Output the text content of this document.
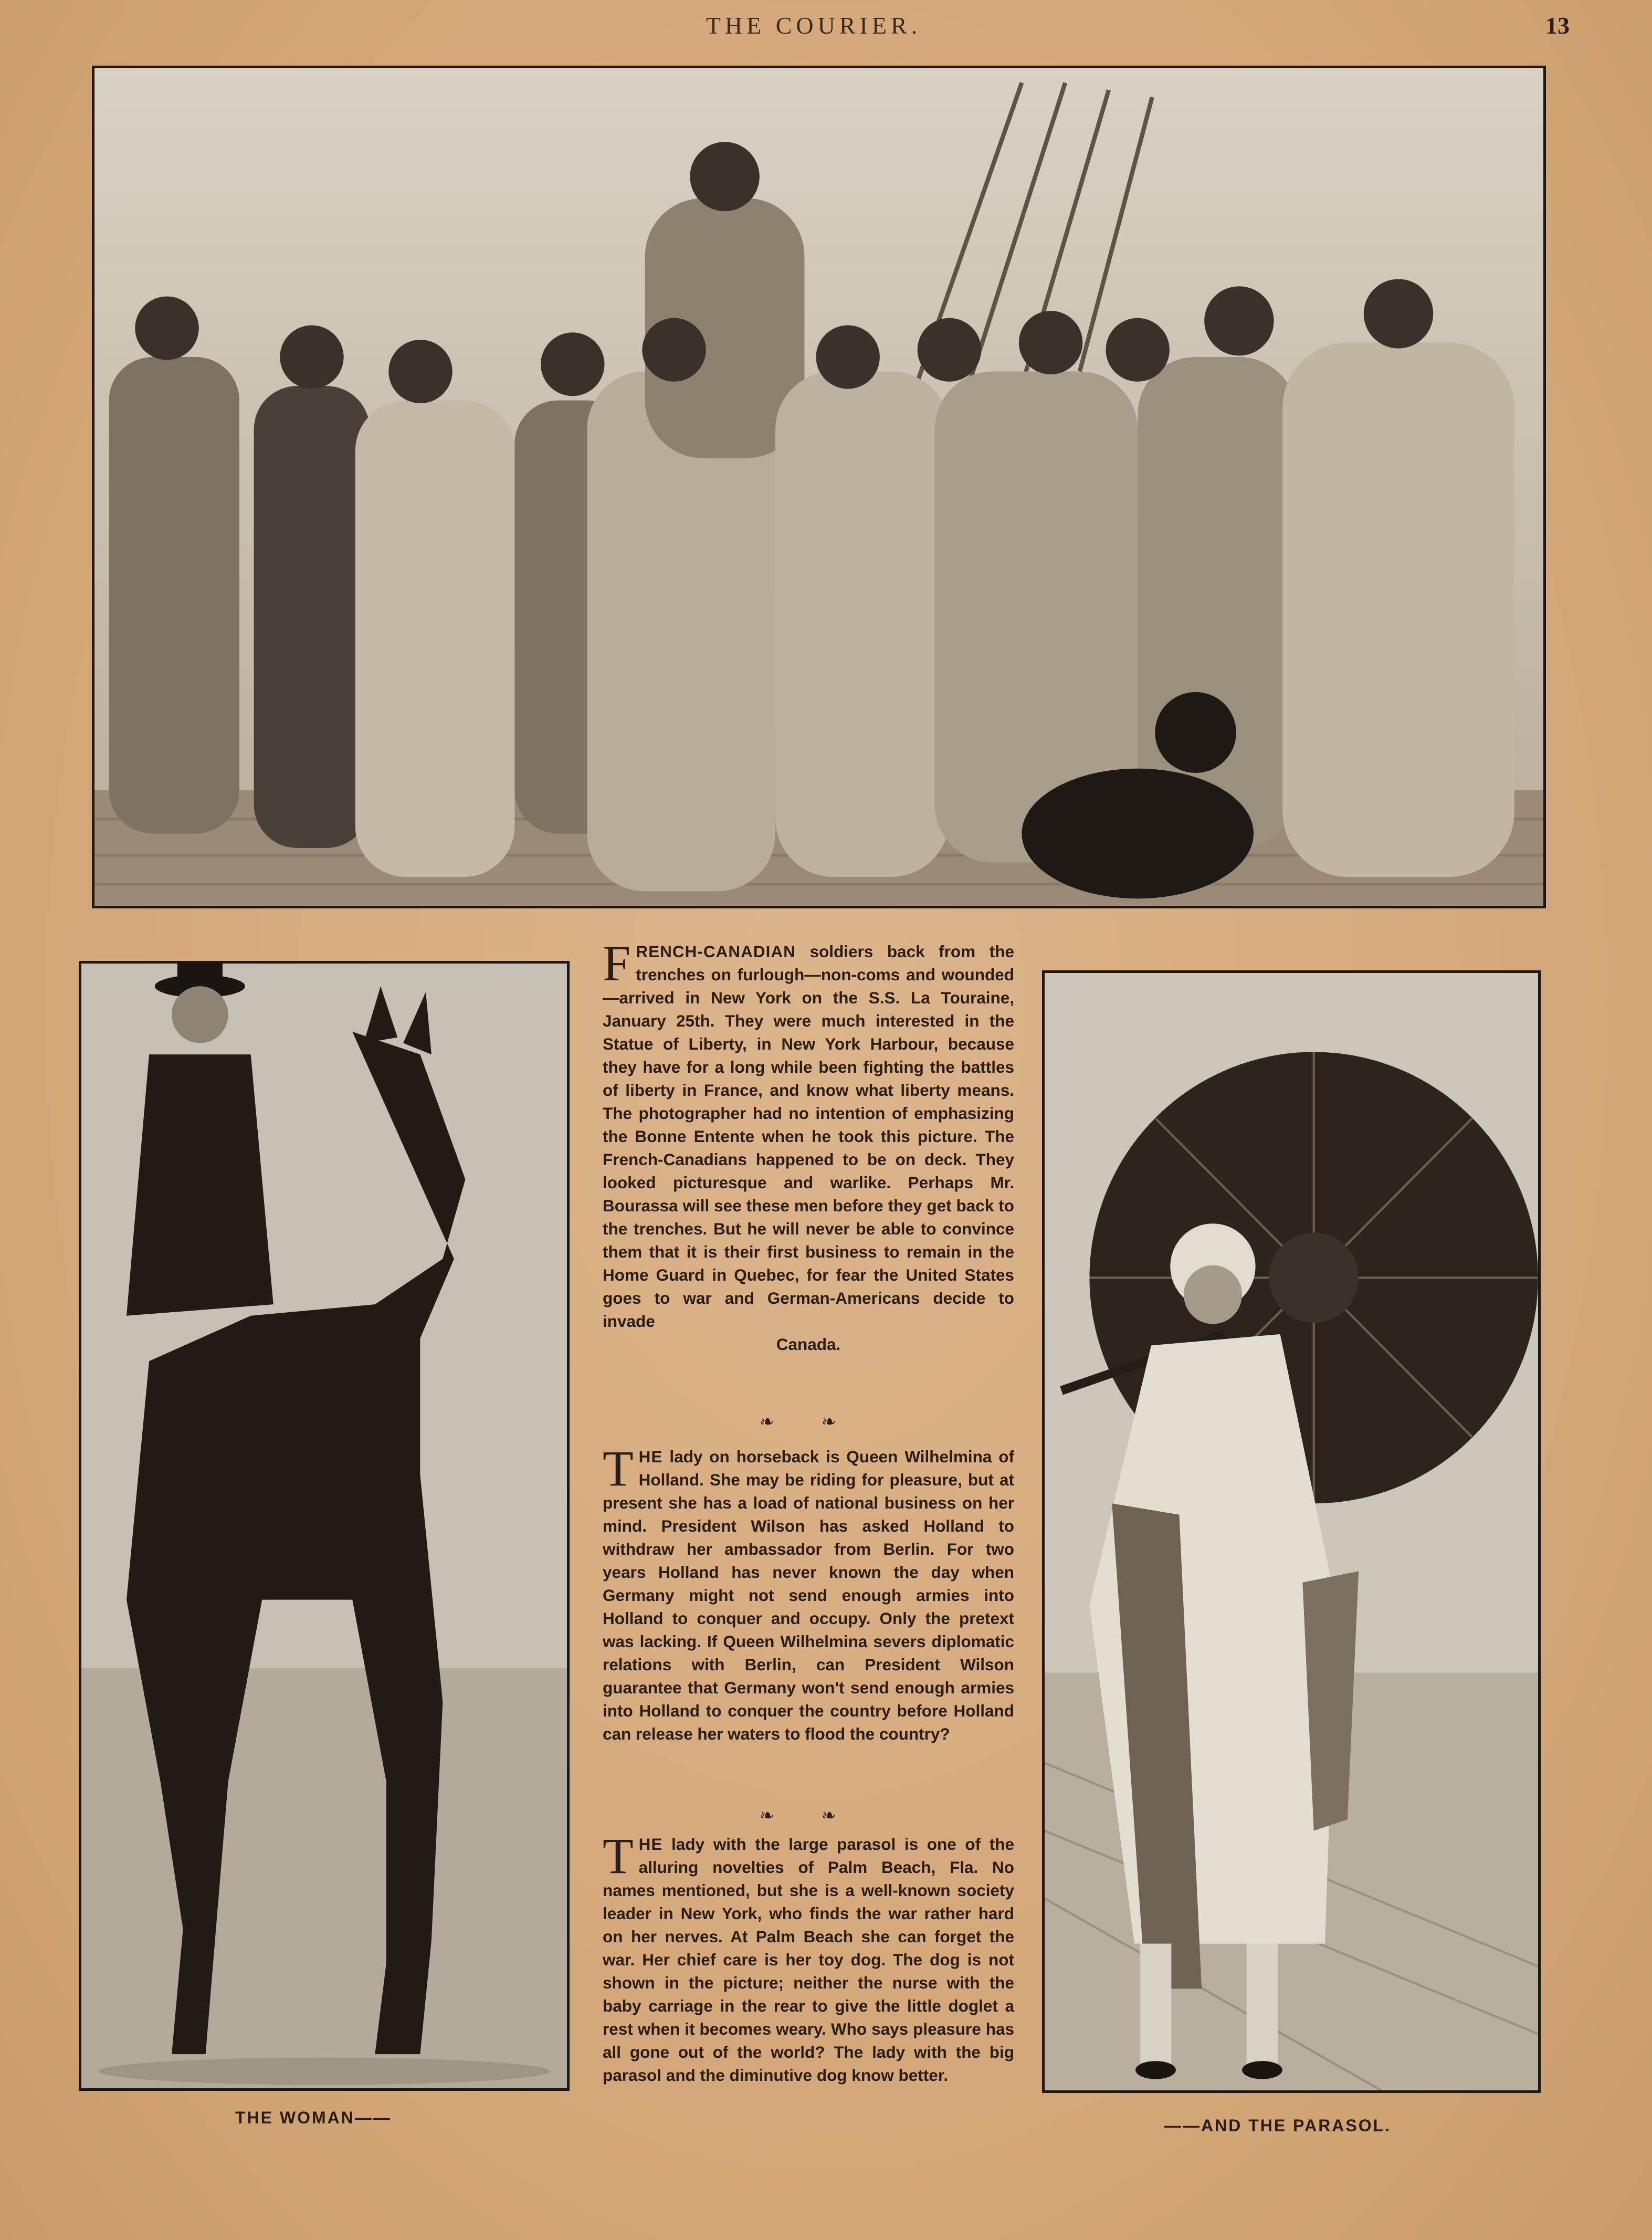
THE COURIER.	13

FRENCH-CANADIAN soldiers back from the trenches on furlough—non-coms and wounded—arrived in New York on the S.S. La Touraine, January 25th. They were much interested in the Statue of Liberty, in New York Harbour, because they have for a long while been fighting the battles of liberty in France, and know what liberty means. The photographer had no intention of emphasizing the Bonne Entente when he took this picture. The French-Canadians happened to be on deck. They looked picturesque and warlike. Perhaps Mr. Bourassa will see these men before they get back to the trenches. But he will never be able to convince them that it is their first business to remain in the Home Guard in Quebec, for fear the United States goes to war and German-Americans decide to invade

Canada.

❧ ❧

THE lady on horseback is Queen Wilhelmina of Holland. She may be riding for pleasure, but at present she has a load of national business on her mind. President Wilson has asked Holland to withdraw her ambassador from Berlin. For two years Holland has never known the day when Germany might not send enough armies into Holland to conquer and occupy. Only the pretext was lacking. If Queen Wilhelmina severs diplomatic relations with Berlin, can President Wilson guarantee that Germany won't send enough armies into Holland to conquer the country before Holland can release her waters to flood the country?

❧ ❧

THE lady with the large parasol is one of the alluring novelties of Palm Beach, Fla. No names mentioned, but she is a well-known society leader in New York, who finds the war rather hard on her nerves. At Palm Beach she can forget the war. Her chief care is her toy dog. The dog is not shown in the picture; neither the nurse with the baby carriage in the rear to give the little doglet a rest when it becomes weary. Who says pleasure has all gone out of the world? The lady with the big parasol and the diminutive dog know better.

THE WOMAN——	——AND THE PARASOL.
